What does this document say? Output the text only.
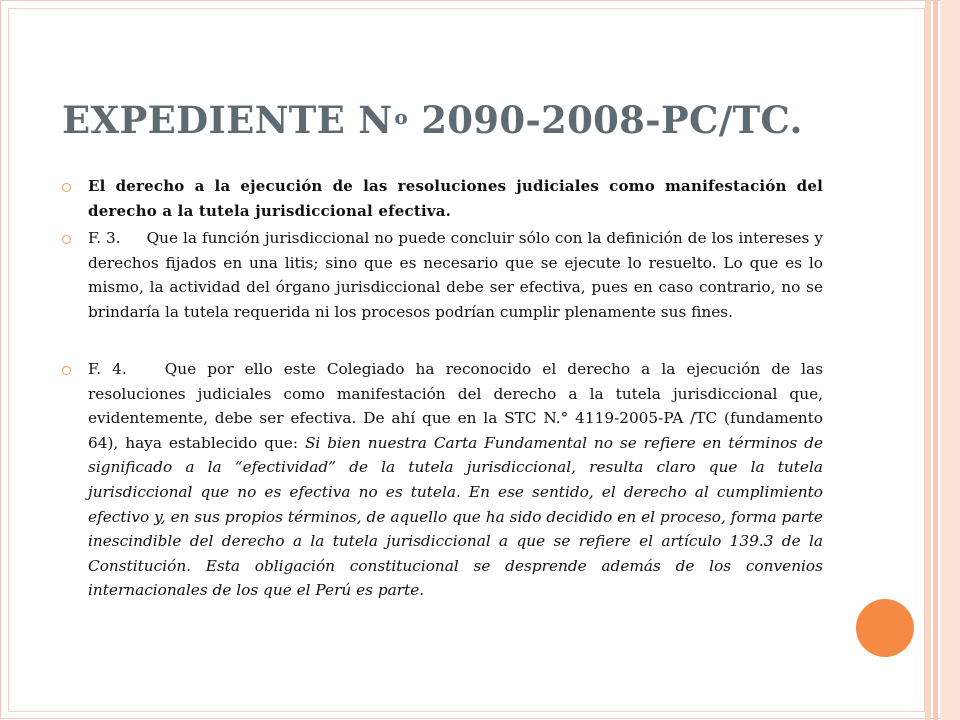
EXPEDIENTE N $^o$ 2090-2008-PC/TC.
El derecho a la ejecución de las resoluciones judiciales como manifestación del derecho a la tutela jurisdiccional efectiva.
F. 3. Que la función jurisdiccional no puede concluir sólo con la definición de los intereses y derechos fijados en una litis; sino que es necesario que se ejecute lo resuelto. Lo que es lo mismo, la actividad del órgano jurisdiccional debe ser efectiva, pues en caso contrario, no se brindaría la tutela requerida ni los procesos podrían cumplir plenamente sus fines.
F. 4. Que por ello este Colegiado ha reconocido el derecho a la ejecución de las resoluciones judiciales como manifestación del derecho a la tutela jurisdiccional que, evidentemente, debe ser efectiva. De ahí que en la STC N.° 4119-2005-PA /TC (fundamento 64), haya establecido que: Si bien nuestra Carta Fundamental no se refiere en términos de significado a la “efectividad” de la tutela jurisdiccional, resulta claro que la tutela jurisdiccional que no es efectiva no es tutela. En ese sentido, el derecho al cumplimiento efectivo y, en sus propios términos, de aquello que ha sido decidido en el proceso, forma parte inescindible del derecho a la tutela jurisdiccional a que se refiere el artículo 139.3 de la Constitución. Esta obligación constitucional se desprende además de los convenios internacionales de los que el Perú es parte.
